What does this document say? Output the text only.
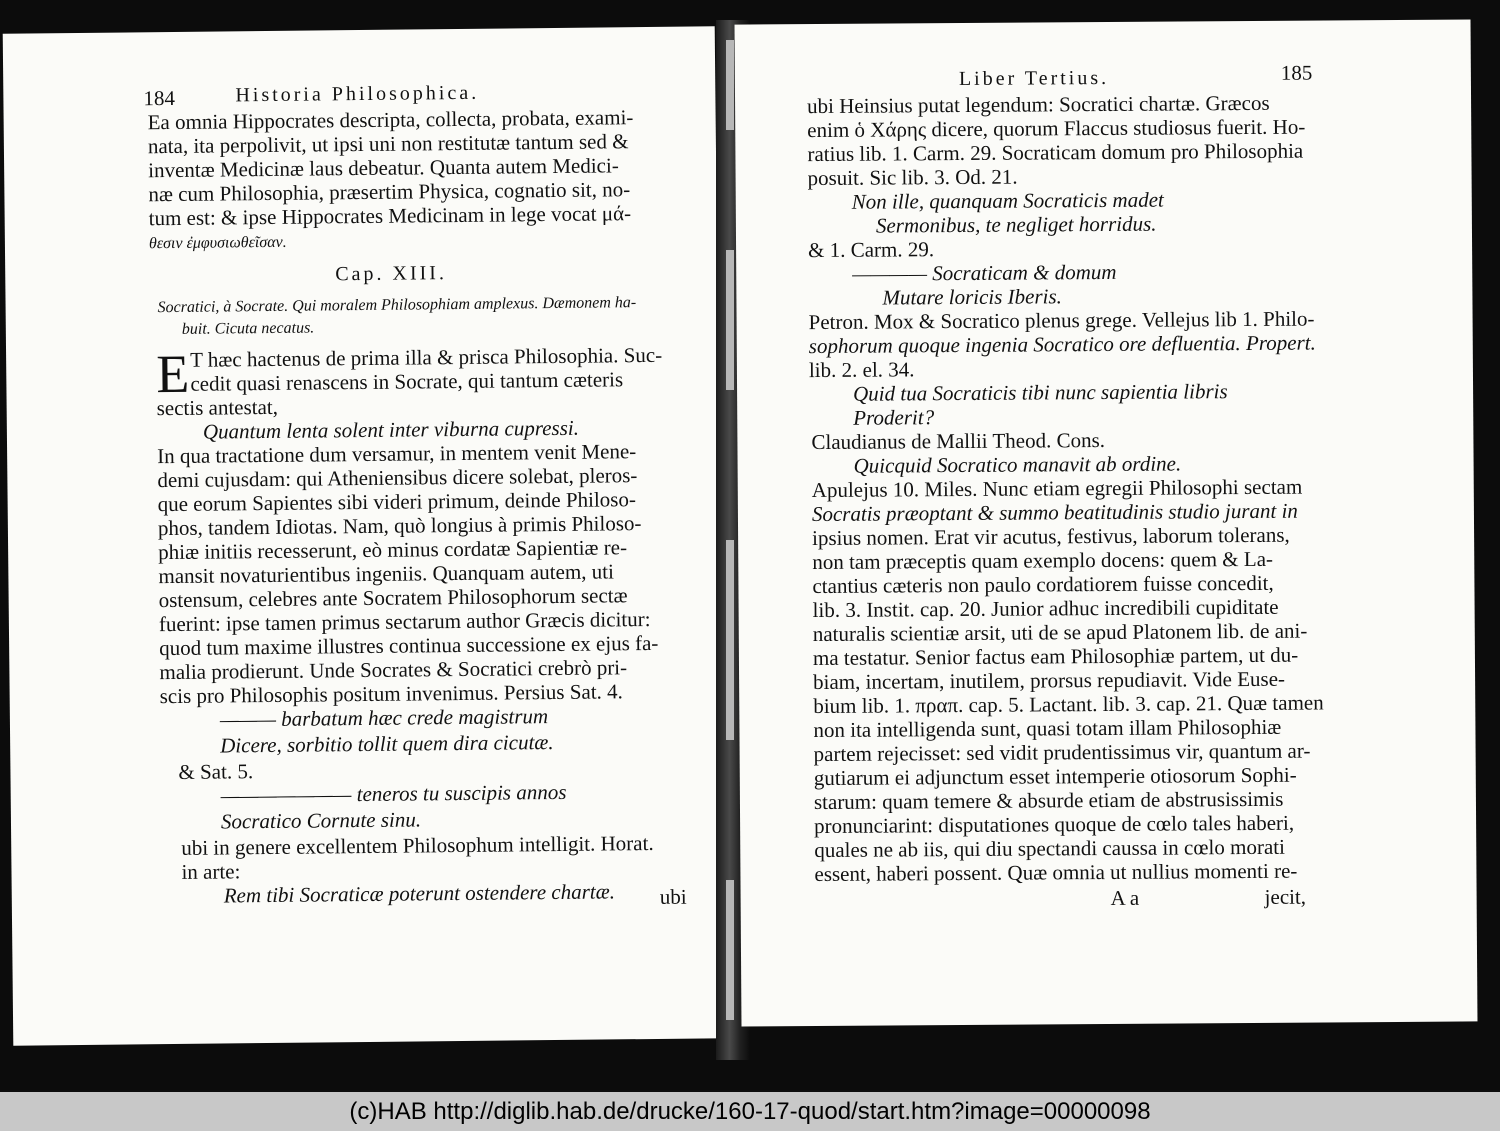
184	Historia Philosophica.
Ea omnia Hippocrates descripta, collecta, probata, exami-
nata, ita perpolivit, ut ipsi uni non restitutæ tantum sed &
inventæ Medicinæ laus debeatur. Quanta autem Medici-
næ cum Philosophia, præsertim Physica, cognatio sit, no-
tum est: & ipse Hippocrates Medicinam in lege vocat μά-
θεσιν ἐμφυσιωθεῖσαν.
Cap. XIII.
Socratici, à Socrate. Qui moralem Philosophiam amplexus. Dæmonem ha-
buit. Cicuta necatus.
E T hæc hactenus de prima illa & prisca Philosophia. Suc-
cedit quasi renascens in Socrate, qui tantum cæteris
sectis antestat,
Quantum lenta solent inter viburna cupressi.
In qua tractatione dum versamur, in mentem venit Mene-
demi cujusdam: qui Atheniensibus dicere solebat, pleros-
que eorum Sapientes sibi videri primum, deinde Philoso-
phos, tandem Idiotas. Nam, quò longius à primis Philoso-
phiæ initiis recesserunt, eò minus cordatæ Sapientiæ re-
mansit novaturientibus ingeniis. Quanquam autem, uti
ostensum, celebres ante Socratem Philosophorum sectæ
fuerint: ipse tamen primus sectarum author Græcis dicitur:
quod tum maxime illustres continua successione ex ejus fa-
malia prodierunt. Unde Socrates & Socratici crebrò pri-
scis pro Philosophis positum invenimus. Persius Sat. 4.
——— barbatum hæc crede magistrum
Dicere, sorbitio tollit quem dira cicutæ.
& Sat. 5.
——————— teneros tu suscipis annos
Socratico Cornute sinu.
ubi in genere excellentem Philosophum intelligit. Horat.
in arte:
Rem tibi Socraticæ poterunt ostendere chartæ. ubi
Liber Tertius.	185
ubi Heinsius putat legendum: Socratici chartæ. Græcos
enim ὁ Χάρης dicere, quorum Flaccus studiosus fuerit. Ho-
ratius lib. 1. Carm. 29. Socraticam domum pro Philosophia
posuit. Sic lib. 3. Od. 21.
Non ille, quanquam Socraticis madet
Sermonibus, te negliget horridus.
& 1. Carm. 29.
———— Socraticam & domum
Mutare loricis Iberis.
Petron. Mox & Socratico plenus grege. Vellejus lib 1. Philo-
sophorum quoque ingenia Socratico ore defluentia. Propert.
lib. 2. el. 34.
Quid tua Socraticis tibi nunc sapientia libris
Proderit?
Claudianus de Mallii Theod. Cons.
Quicquid Socratico manavit ab ordine.
Apulejus 10. Miles. Nunc etiam egregii Philosophi sectam
Socratis præoptant & summo beatitudinis studio jurant in
ipsius nomen. Erat vir acutus, festivus, laborum tolerans,
non tam præceptis quam exemplo docens: quem & La-
ctantius cæteris non paulo cordatiorem fuisse concedit,
lib. 3. Instit. cap. 20. Junior adhuc incredibili cupiditate
naturalis scientiæ arsit, uti de se apud Platonem lib. de ani-
ma testatur. Senior factus eam Philosophiæ partem, ut du-
biam, incertam, inutilem, prorsus repudiavit. Vide Euse-
bium lib. 1. πραπ. cap. 5. Lactant. lib. 3. cap. 21. Quæ tamen
non ita intelligenda sunt, quasi totam illam Philosophiæ
partem rejecisset: sed vidit prudentissimus vir, quantum ar-
gutiarum ei adjunctum esset intemperie otiosorum Sophi-
starum: quam temere & absurde etiam de abstrusissimis
pronunciarint: disputationes quoque de cœlo tales haberi,
quales ne ab iis, qui diu spectandi caussa in cœlo morati
essent, haberi possent. Quæ omnia ut nullius momenti re-
A a	jecit,
(c)HAB http://diglib.hab.de/drucke/160-17-quod/start.htm?image=00000098
